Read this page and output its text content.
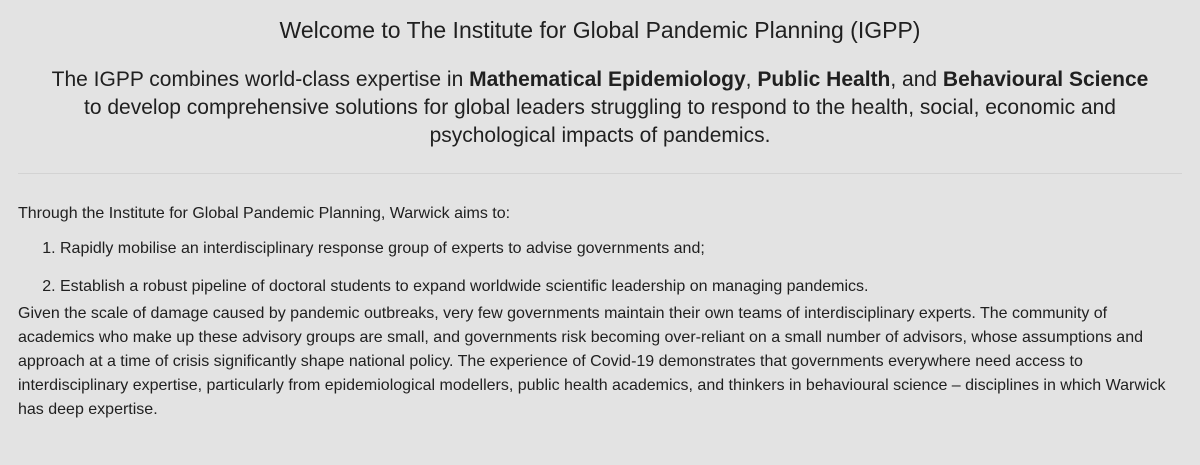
Welcome to The Institute for Global Pandemic Planning (IGPP)

The IGPP combines world-class expertise in Mathematical Epidemiology, Public Health, and Behavioural Science to develop comprehensive solutions for global leaders struggling to respond to the health, social, economic and psychological impacts of pandemics.

Through the Institute for Global Pandemic Planning, Warwick aims to:

1. Rapidly mobilise an interdisciplinary response group of experts to advise governments and;
2. Establish a robust pipeline of doctoral students to expand worldwide scientific leadership on managing pandemics.

Given the scale of damage caused by pandemic outbreaks, very few governments maintain their own teams of interdisciplinary experts. The community of academics who make up these advisory groups are small, and governments risk becoming over-reliant on a small number of advisors, whose assumptions and approach at a time of crisis significantly shape national policy. The experience of Covid-19 demonstrates that governments everywhere need access to interdisciplinary expertise, particularly from epidemiological modellers, public health academics, and thinkers in behavioural science – disciplines in which Warwick has deep expertise.
